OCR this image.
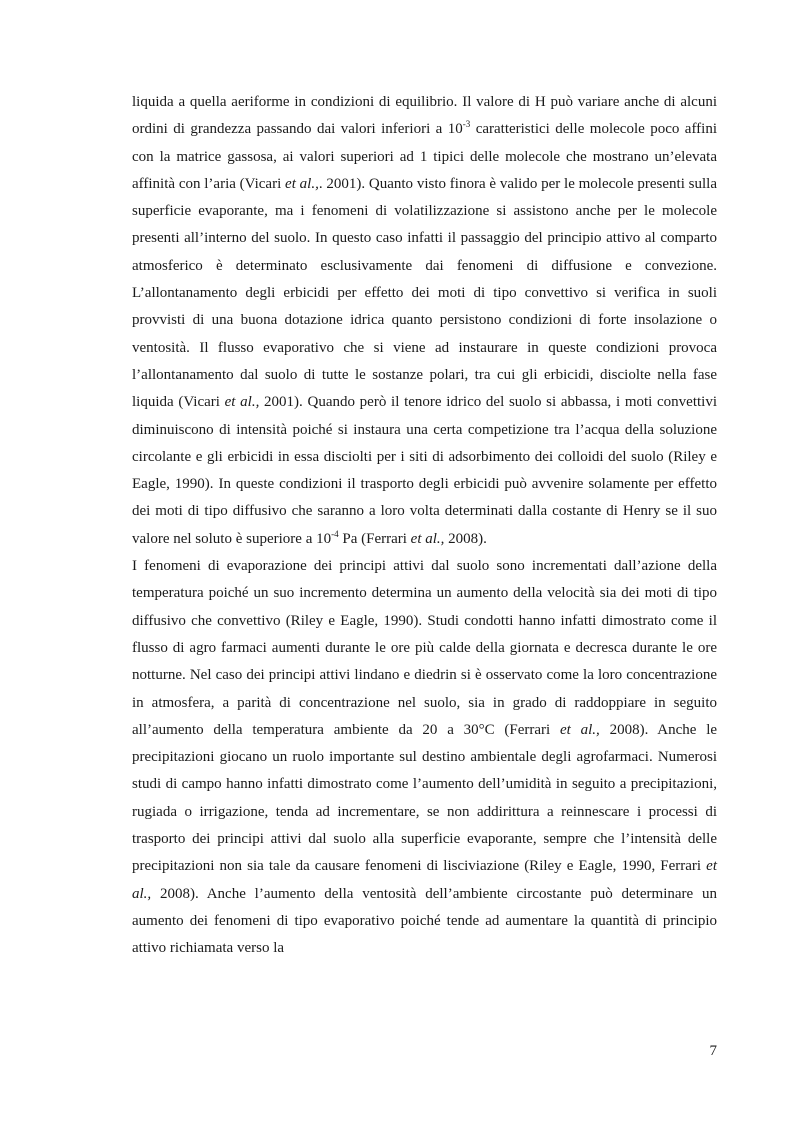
liquida a quella aeriforme in condizioni di equilibrio. Il valore di H può variare anche di alcuni ordini di grandezza passando dai valori inferiori a $10^{-3}$ caratteristici delle molecole poco affini con la matrice gassosa, ai valori superiori ad 1 tipici delle molecole che mostrano un’elevata affinità con l’aria (Vicari et al.,. 2001). Quanto visto finora è valido per le molecole presenti sulla superficie evaporante, ma i fenomeni di volatilizzazione si assistono anche per le molecole presenti all’interno del suolo. In questo caso infatti il passaggio del principio attivo al comparto atmosferico è determinato esclusivamente dai fenomeni di diffusione e convezione. L’allontanamento degli erbicidi per effetto dei moti di tipo convettivo si verifica in suoli provvisti di una buona dotazione idrica quanto persistono condizioni di forte insolazione o ventosità. Il flusso evaporativo che si viene ad instaurare in queste condizioni provoca l’allontanamento dal suolo di tutte le sostanze polari, tra cui gli erbicidi, disciolte nella fase liquida (Vicari et al., 2001). Quando però il tenore idrico del suolo si abbassa, i moti convettivi diminuiscono di intensità poiché si instaura una certa competizione tra l’acqua della soluzione circolante e gli erbicidi in essa disciolti per i siti di adsorbimento dei colloidi del suolo (Riley e Eagle, 1990). In queste condizioni il trasporto degli erbicidi può avvenire solamente per effetto dei moti di tipo diffusivo che saranno a loro volta determinati dalla costante di Henry se il suo valore nel soluto è superiore a $10^{-4}$ Pa (Ferrari et al., 2008).

I fenomeni di evaporazione dei principi attivi dal suolo sono incrementati dall’azione della temperatura poiché un suo incremento determina un aumento della velocità sia dei moti di tipo diffusivo che convettivo (Riley e Eagle, 1990). Studi condotti hanno infatti dimostrato come il flusso di agro farmaci aumenti durante le ore più calde della giornata e decresca durante le ore notturne. Nel caso dei principi attivi lindano e diedrin si è osservato come la loro concentrazione in atmosfera, a parità di concentrazione nel suolo, sia in grado di raddoppiare in seguito all’aumento della temperatura ambiente da 20 a 30°C (Ferrari et al., 2008). Anche le precipitazioni giocano un ruolo importante sul destino ambientale degli agrofarmaci. Numerosi studi di campo hanno infatti dimostrato come l’aumento dell’umidità in seguito a precipitazioni, rugiada o irrigazione, tenda ad incrementare, se non addirittura a reinnescare i processi di trasporto dei principi attivi dal suolo alla superficie evaporante, sempre che l’intensità delle precipitazioni non sia tale da causare fenomeni di lisciviazione (Riley e Eagle, 1990, Ferrari et al., 2008). Anche l’aumento della ventosità dell’ambiente circostante può determinare un aumento dei fenomeni di tipo evaporativo poiché tende ad aumentare la quantità di principio attivo richiamata verso la

7
